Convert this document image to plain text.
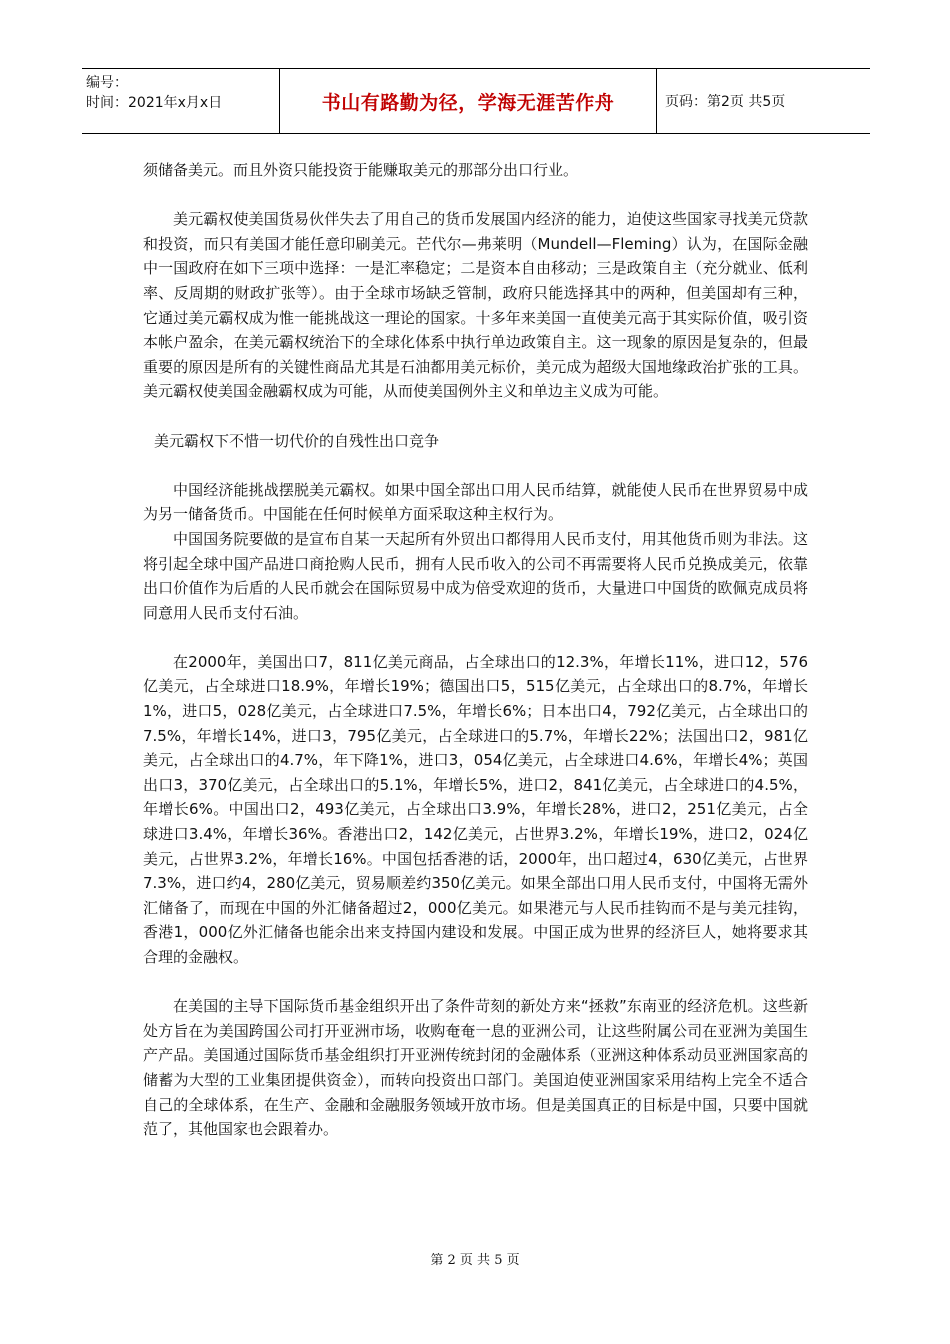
编号：
时间：2021年x月x日	书山有路勤为径，学海无涯苦作舟	页码：第2页 共5页

须储备美元。而且外资只能投资于能赚取美元的那部分出口行业。

美元霸权使美国货易伙伴失去了用自己的货币发展国内经济的能力，迫使这些国家寻找美元贷款和投资，而只有美国才能任意印刷美元。芒代尔—弗莱明（Mundell—Fleming）认为，在国际金融中一国政府在如下三项中选择：一是汇率稳定；二是资本自由移动；三是政策自主（充分就业、低利率、反周期的财政扩张等）。由于全球市场缺乏管制，政府只能选择其中的两种，但美国却有三种，它通过美元霸权成为惟一能挑战这一理论的国家。十多年来美国一直使美元高于其实际价值，吸引资本帐户盈余，在美元霸权统治下的全球化体系中执行单边政策自主。这一现象的原因是复杂的，但最重要的原因是所有的关键性商品尤其是石油都用美元标价，美元成为超级大国地缘政治扩张的工具。美元霸权使美国金融霸权成为可能，从而使美国例外主义和单边主义成为可能。

美元霸权下不惜一切代价的自残性出口竞争

中国经济能挑战摆脱美元霸权。如果中国全部出口用人民币结算，就能使人民币在世界贸易中成为另一储备货币。中国能在任何时候单方面采取这种主权行为。

中国国务院要做的是宣布自某一天起所有外贸出口都得用人民币支付，用其他货币则为非法。这将引起全球中国产品进口商抢购人民币，拥有人民币收入的公司不再需要将人民币兑换成美元，依靠出口价值作为后盾的人民币就会在国际贸易中成为倍受欢迎的货币，大量进口中国货的欧佩克成员将同意用人民币支付石油。

在2000年，美国出口7，811亿美元商品，占全球出口的12.3%，年增长11%，进口12，576亿美元，占全球进口18.9%，年增长19%；德国出口5，515亿美元，占全球出口的8.7%，年增长1%，进口5，028亿美元，占全球进口7.5%，年增长6%；日本出口4，792亿美元，占全球出口的7.5%，年增长14%，进口3，795亿美元，占全球进口的5.7%，年增长22%；法国出口2，981亿美元，占全球出口的4.7%，年下降1%，进口3，054亿美元，占全球进口4.6%，年增长4%；英国出口3，370亿美元，占全球出口的5.1%，年增长5%，进口2，841亿美元，占全球进口的4.5%，年增长6%。中国出口2，493亿美元，占全球出口3.9%，年增长28%，进口2，251亿美元，占全球进口3.4%，年增长36%。香港出口2，142亿美元，占世界3.2%，年增长19%，进口2，024亿美元，占世界3.2%，年增长16%。中国包括香港的话，2000年，出口超过4，630亿美元，占世界7.3%，进口约4，280亿美元，贸易顺差约350亿美元。如果全部出口用人民币支付，中国将无需外汇储备了，而现在中国的外汇储备超过2，000亿美元。如果港元与人民币挂钩而不是与美元挂钩，香港1，000亿外汇储备也能余出来支持国内建设和发展。中国正成为世界的经济巨人，她将要求其合理的金融权。

在美国的主导下国际货币基金组织开出了条件苛刻的新处方来“拯救”东南亚的经济危机。这些新处方旨在为美国跨国公司打开亚洲市场，收购奄奄一息的亚洲公司，让这些附属公司在亚洲为美国生产产品。美国通过国际货币基金组织打开亚洲传统封闭的金融体系（亚洲这种体系动员亚洲国家高的储蓄为大型的工业集团提供资金），而转向投资出口部门。美国迫使亚洲国家采用结构上完全不适合自己的全球体系，在生产、金融和金融服务领域开放市场。但是美国真正的目标是中国，只要中国就范了，其他国家也会跟着办。

第 2 页 共 5 页
